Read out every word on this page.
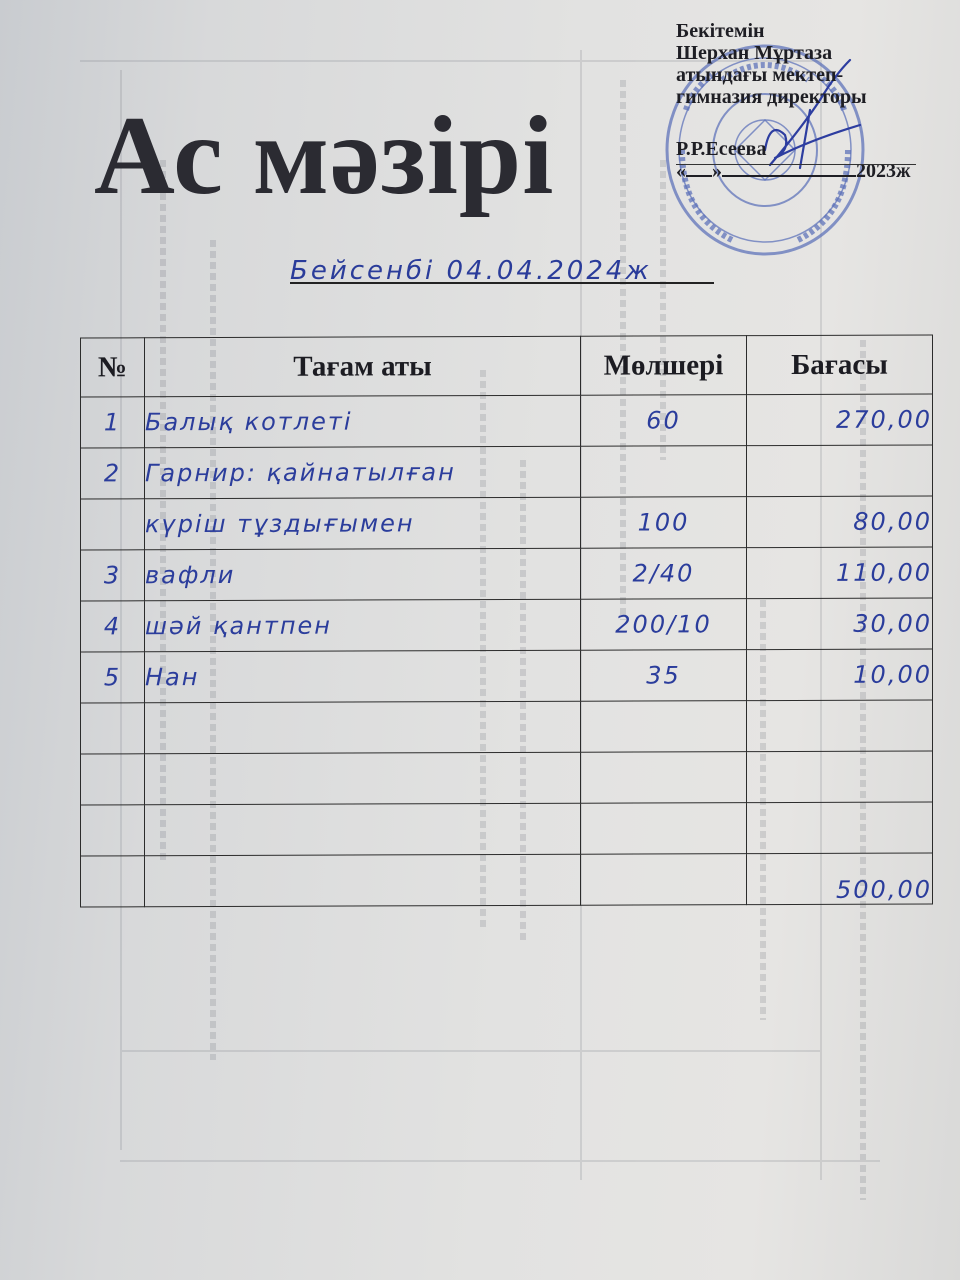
Ас мәзірі
Бекітемін
Шерхан Мұртаза
атындағы мектеп-
гимназия директоры
Р.Р.Есеева
« »	2023ж
Бейсенбі 04.04.2024ж
№	Тағам аты	Мөлшері	Бағасы
1	Балық котлеті	60	270,00
2	Гарнир: қайнатылған		
	күріш тұздығымен	100	80,00
3	вафли	2/40	110,00
4	шәй қантпен	200/10	30,00
5	Нан	35	10,00

			500,00
